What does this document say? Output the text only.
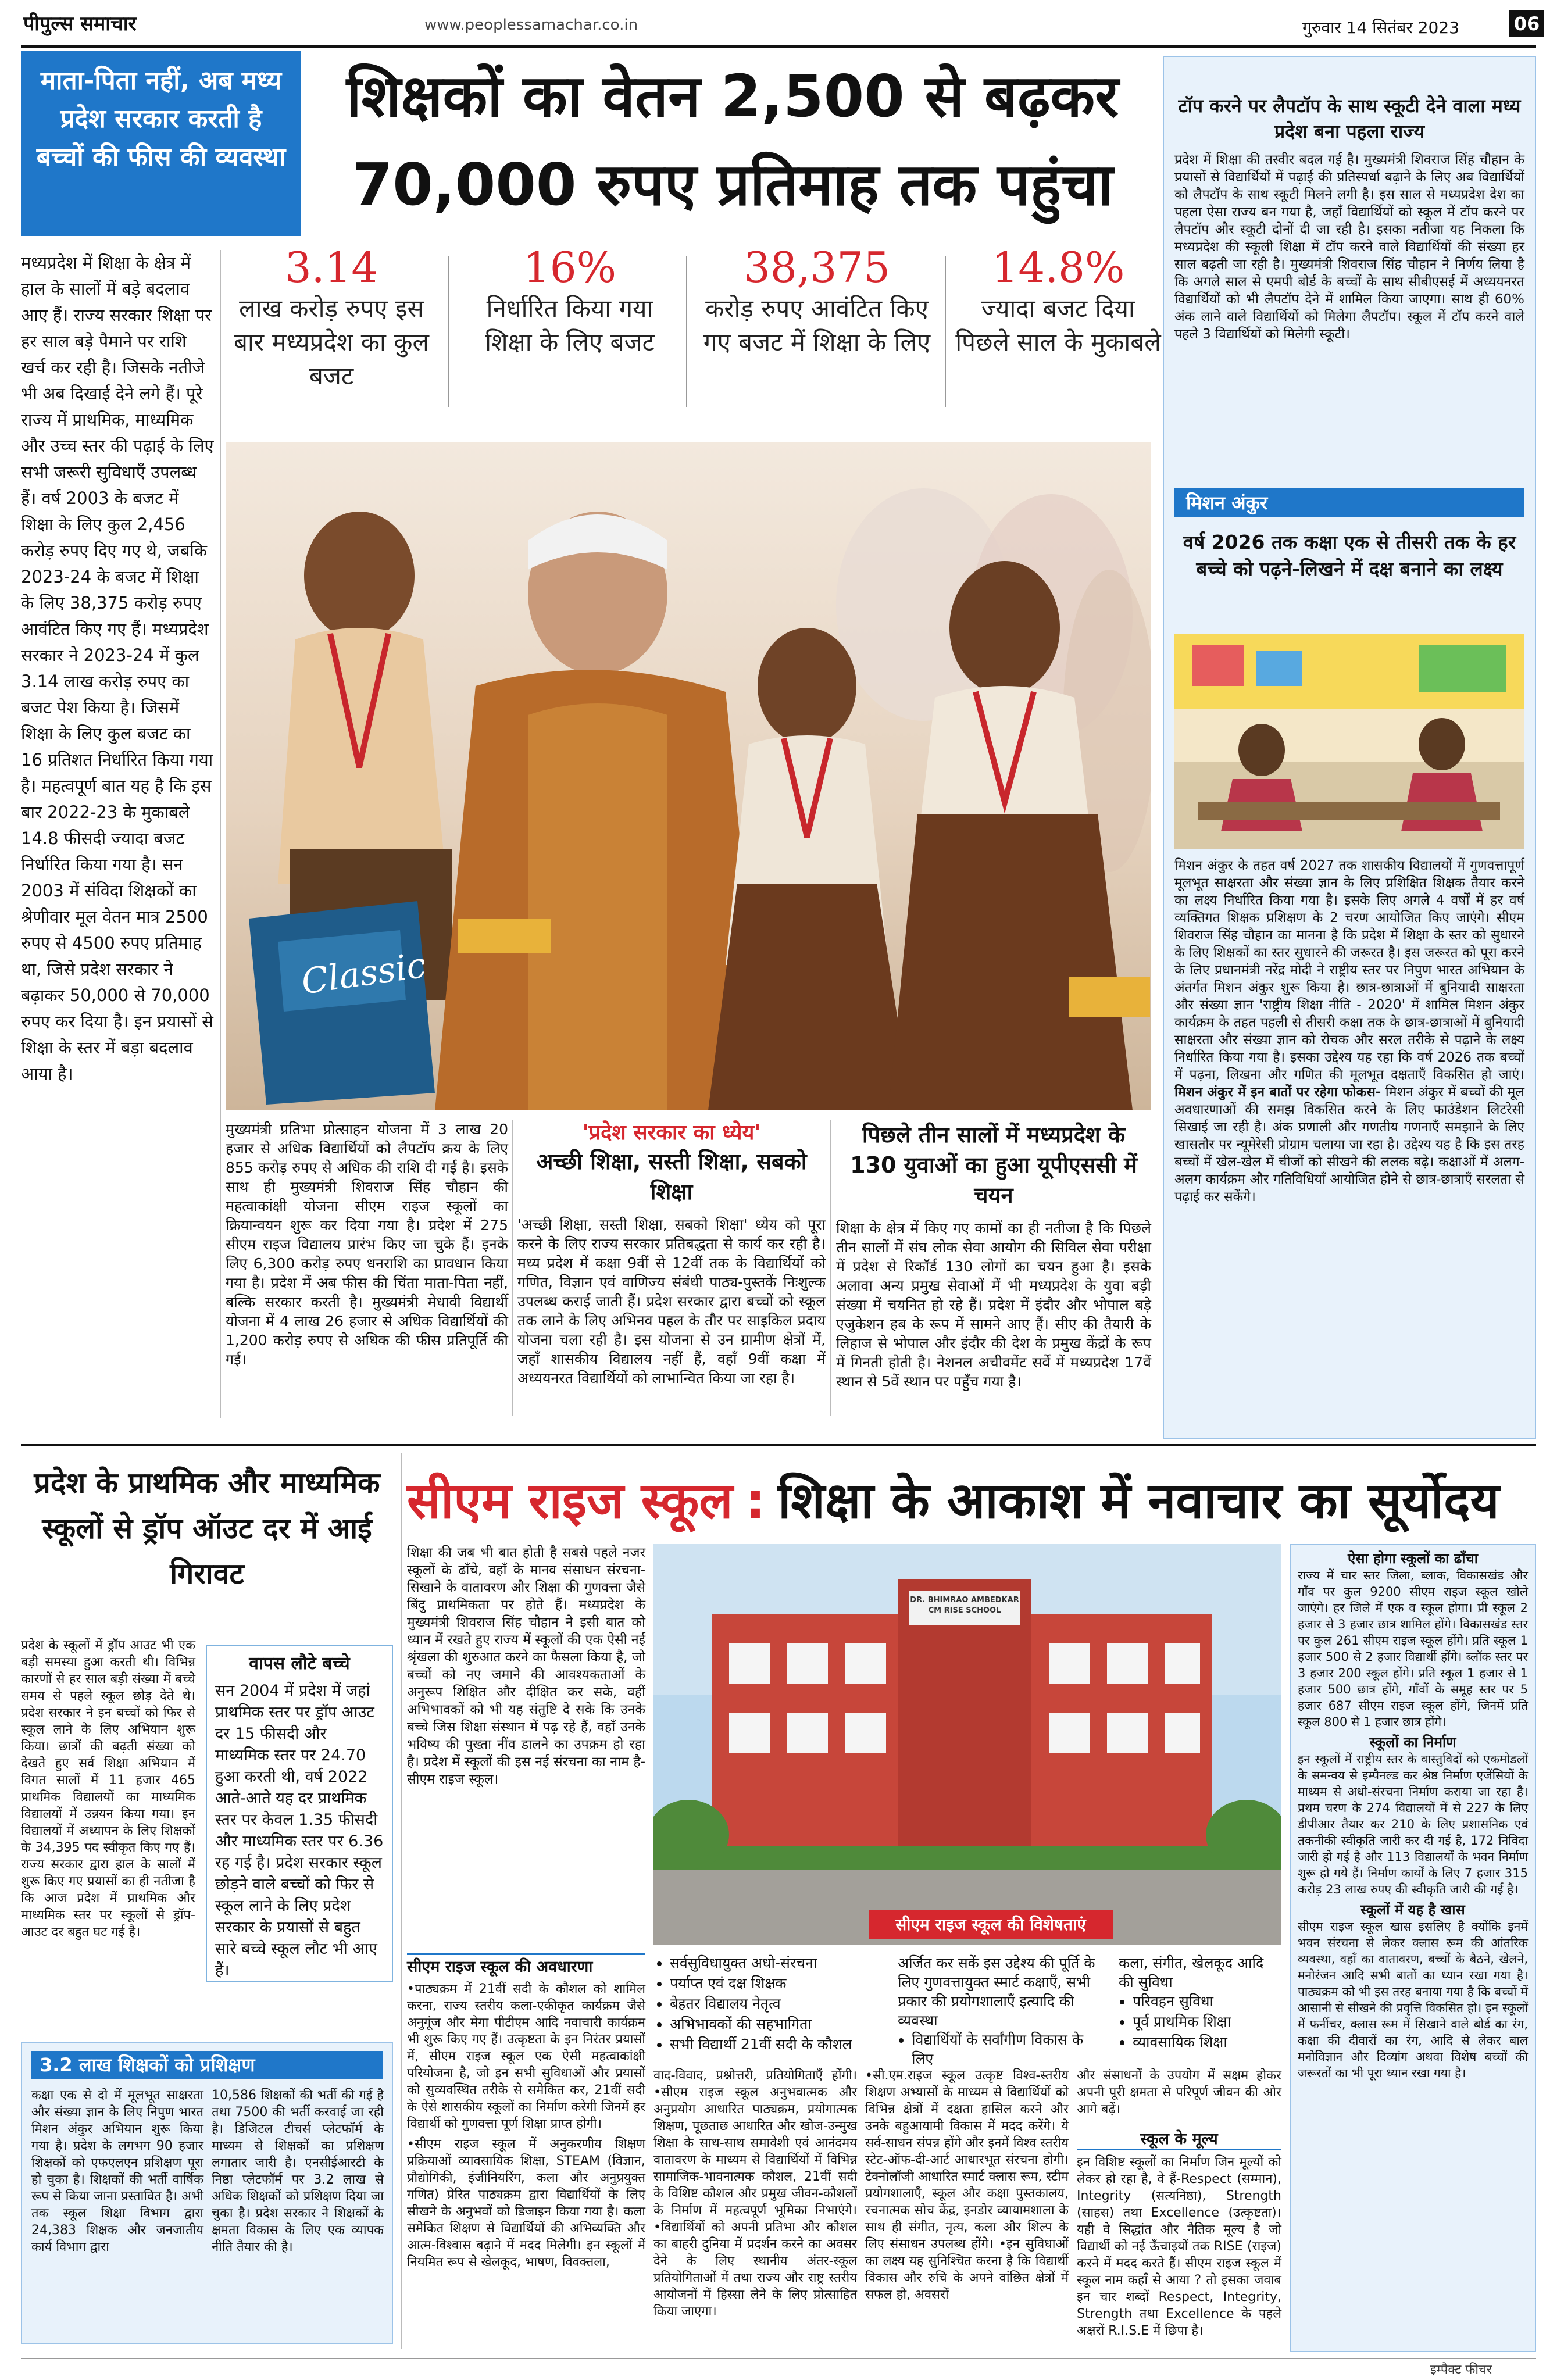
पीपुल्स समाचार	www.peoplessamachar.co.in	गुरुवार 14 सितंबर 2023	06
माता-पिता नहीं, अब मध्य प्रदेश सरकार करती है बच्चों की फीस की व्यवस्था
शिक्षकों का वेतन 2,500 से बढ़कर
70,000 रुपए प्रतिमाह तक पहुंचा
3.14
लाख करोड़ रुपए इस बार मध्यप्रदेश का कुल बजट
16%
निर्धारित किया गया शिक्षा के लिए बजट
38,375
करोड़ रुपए आवंटित किए गए बजट में शिक्षा के लिए
14.8%
ज्यादा बजट दिया पिछले साल के मुकाबले
मध्यप्रदेश में शिक्षा के क्षेत्र में हाल के सालों में बड़े बदलाव आए हैं। राज्य सरकार शिक्षा पर हर साल बड़े पैमाने पर राशि खर्च कर रही है। जिसके नतीजे भी अब दिखाई देने लगे हैं। पूरे राज्य में प्राथमिक, माध्यमिक और उच्च स्तर की पढ़ाई के लिए सभी जरूरी सुविधाएँ उपलब्ध हैं। वर्ष 2003 के बजट में शिक्षा के लिए कुल 2,456 करोड़ रुपए दिए गए थे, जबकि 2023-24 के बजट में शिक्षा के लिए 38,375 करोड़ रुपए आवंटित किए गए हैं। मध्यप्रदेश सरकार ने 2023-24 में कुल 3.14 लाख करोड़ रुपए का बजट पेश किया है। जिसमें शिक्षा के लिए कुल बजट का 16 प्रतिशत निर्धारित किया गया है। महत्वपूर्ण बात यह है कि इस बार 2022-23 के मुकाबले 14.8 फीसदी ज्यादा बजट निर्धारित किया गया है। सन 2003 में संविदा शिक्षकों का श्रेणीवार मूल वेतन मात्र 2500 रुपए से 4500 रुपए प्रतिमाह था, जिसे प्रदेश सरकार ने बढ़ाकर 50,000 से 70,000 रुपए कर दिया है। इन प्रयासों से शिक्षा के स्तर में बड़ा बदलाव आया है।
Classic
मुख्यमंत्री प्रतिभा प्रोत्साहन योजना में 3 लाख 20 हजार से अधिक विद्यार्थियों को लैपटॉप क्रय के लिए 855 करोड़ रुपए से अधिक की राशि दी गई है। इसके साथ ही मुख्यमंत्री शिवराज सिंह चौहान की महत्वाकांक्षी योजना सीएम राइज स्कूलों का क्रियान्वयन शुरू कर दिया गया है। प्रदेश में 275 सीएम राइज विद्यालय प्रारंभ किए जा चुके हैं। इनके लिए 6,300 करोड़ रुपए धनराशि का प्रावधान किया गया है। प्रदेश में अब फीस की चिंता माता-पिता नहीं, बल्कि सरकार करती है। मुख्यमंत्री मेधावी विद्यार्थी योजना में 4 लाख 26 हजार से अधिक विद्यार्थियों की 1,200 करोड़ रुपए से अधिक की फीस प्रतिपूर्ति की गई।
'प्रदेश सरकार का ध्येय'
अच्छी शिक्षा, सस्ती शिक्षा, सबको शिक्षा
'अच्छी शिक्षा, सस्ती शिक्षा, सबको शिक्षा' ध्येय को पूरा करने के लिए राज्य सरकार प्रतिबद्धता से कार्य कर रही है। मध्य प्रदेश में कक्षा 9वीं से 12वीं तक के विद्यार्थियों को गणित, विज्ञान एवं वाणिज्य संबंधी पाठ्य-पुस्तकें निःशुल्क उपलब्ध कराई जाती हैं। प्रदेश सरकार द्वारा बच्चों को स्कूल तक लाने के लिए अभिनव पहल के तौर पर साइकिल प्रदाय योजना चला रही है। इस योजना से उन ग्रामीण क्षेत्रों में, जहाँ शासकीय विद्यालय नहीं हैं, वहाँ 9वीं कक्षा में अध्ययनरत विद्यार्थियों को लाभान्वित किया जा रहा है।
पिछले तीन सालों में मध्यप्रदेश के 130 युवाओं का हुआ यूपीएससी में चयन
शिक्षा के क्षेत्र में किए गए कामों का ही नतीजा है कि पिछले तीन सालों में संघ लोक सेवा आयोग की सिविल सेवा परीक्षा में प्रदेश से रिकॉर्ड 130 लोगों का चयन हुआ है। इसके अलावा अन्य प्रमुख सेवाओं में भी मध्यप्रदेश के युवा बड़ी संख्या में चयनित हो रहे हैं। प्रदेश में इंदौर और भोपाल बड़े एजुकेशन हब के रूप में सामने आए हैं। सीए की तैयारी के लिहाज से भोपाल और इंदौर की देश के प्रमुख केंद्रों के रूप में गिनती होती है। नेशनल अचीवमेंट सर्वे में मध्यप्रदेश 17वें स्थान से 5वें स्थान पर पहुँच गया है।
टॉप करने पर लैपटॉप के साथ स्कूटी देने वाला मध्य प्रदेश बना पहला राज्य
प्रदेश में शिक्षा की तस्वीर बदल गई है। मुख्यमंत्री शिवराज सिंह चौहान के प्रयासों से विद्यार्थियों में पढ़ाई की प्रतिस्पर्धा बढ़ाने के लिए अब विद्यार्थियों को लैपटॉप के साथ स्कूटी मिलने लगी है। इस साल से मध्यप्रदेश देश का पहला ऐसा राज्य बन गया है, जहाँ विद्यार्थियों को स्कूल में टॉप करने पर लैपटॉप और स्कूटी दोनों दी जा रही है। इसका नतीजा यह निकला कि मध्यप्रदेश की स्कूली शिक्षा में टॉप करने वाले विद्यार्थियों की संख्या हर साल बढ़ती जा रही है। मुख्यमंत्री शिवराज सिंह चौहान ने निर्णय लिया है कि अगले साल से एमपी बोर्ड के बच्चों के साथ सीबीएसई में अध्ययनरत विद्यार्थियों को भी लैपटॉप देने में शामिल किया जाएगा। साथ ही 60% अंक लाने वाले विद्यार्थियों को मिलेगा लैपटॉप। स्कूल में टॉप करने वाले पहले 3 विद्यार्थियों को मिलेगी स्कूटी।
मिशन अंकुर
वर्ष 2026 तक कक्षा एक से तीसरी तक के हर बच्चे को पढ़ने-लिखने में दक्ष बनाने का लक्ष्य
मिशन अंकुर के तहत वर्ष 2027 तक शासकीय विद्यालयों में गुणवत्तापूर्ण मूलभूत साक्षरता और संख्या ज्ञान के लिए प्रशिक्षित शिक्षक तैयार करने का लक्ष्य निर्धारित किया गया है। इसके लिए अगले 4 वर्षों में हर वर्ष व्यक्तिगत शिक्षक प्रशिक्षण के 2 चरण आयोजित किए जाएंगे। सीएम शिवराज सिंह चौहान का मानना है कि प्रदेश में शिक्षा के स्तर को सुधारने के लिए शिक्षकों का स्तर सुधारने की जरूरत है। इस जरूरत को पूरा करने के लिए प्रधानमंत्री नरेंद्र मोदी ने राष्ट्रीय स्तर पर निपुण भारत अभियान के अंतर्गत मिशन अंकुर शुरू किया है। छात्र-छात्राओं में बुनियादी साक्षरता और संख्या ज्ञान 'राष्ट्रीय शिक्षा नीति - 2020' में शामिल मिशन अंकुर कार्यक्रम के तहत पहली से तीसरी कक्षा तक के छात्र-छात्राओं में बुनियादी साक्षरता और संख्या ज्ञान को रोचक और सरल तरीके से पढ़ाने के लक्ष्य निर्धारित किया गया है। इसका उद्देश्य यह रहा कि वर्ष 2026 तक बच्चों में पढ़ना, लिखना और गणित की मूलभूत दक्षताएँ विकसित हो जाएं। मिशन अंकुर में इन बातों पर रहेगा फोकस- मिशन अंकुर में बच्चों की मूल अवधारणाओं की समझ विकसित करने के लिए फाउंडेशन लिटरेसी सिखाई जा रही है। अंक प्रणाली और गणतीय गणनाएँ समझाने के लिए खासतौर पर न्यूमेरेसी प्रोग्राम चलाया जा रहा है। उद्देश्य यह है कि इस तरह बच्चों में खेल-खेल में चीजों को सीखने की ललक बढ़े। कक्षाओं में अलग-अलग कार्यक्रम और गतिविधियाँ आयोजित होने से छात्र-छात्राएँ सरलता से पढ़ाई कर सकेंगे।
प्रदेश के प्राथमिक और माध्यमिक स्कूलों से ड्रॉप ऑउट दर में आई गिरावट
प्रदेश के स्कूलों में ड्रॉप आउट भी एक बड़ी समस्या हुआ करती थी। विभिन्न कारणों से हर साल बड़ी संख्या में बच्चे समय से पहले स्कूल छोड़ देते थे। प्रदेश सरकार ने इन बच्चों को फिर से स्कूल लाने के लिए अभियान शुरू किया। छात्रों की बढ़ती संख्या को देखते हुए सर्व शिक्षा अभियान में विगत सालों में 11 हजार 465 प्राथमिक विद्यालयों का माध्यमिक विद्यालयों में उन्नयन किया गया। इन विद्यालयों में अध्यापन के लिए शिक्षकों के 34,395 पद स्वीकृत किए गए हैं। राज्य सरकार द्वारा हाल के सालों में शुरू किए गए प्रयासों का ही नतीजा है कि आज प्रदेश में प्राथमिक और माध्यमिक स्तर पर स्कूलों से ड्रॉप-आउट दर बहुत घट गई है।
वापस लौटे बच्चे
सन 2004 में प्रदेश में जहां प्राथमिक स्तर पर ड्रॉप आउट दर 15 फीसदी और माध्यमिक स्तर पर 24.70 हुआ करती थी, वर्ष 2022 आते-आते यह दर प्राथमिक स्तर पर केवल 1.35 फीसदी और माध्यमिक स्तर पर 6.36 रह गई है। प्रदेश सरकार स्कूल छोड़ने वाले बच्चों को फिर से स्कूल लाने के लिए प्रदेश सरकार के प्रयासों से बहुत सारे बच्चे स्कूल लौट भी आए हैं।
3.2 लाख शिक्षकों को प्रशिक्षण
कक्षा एक से दो में मूलभूत साक्षरता और संख्या ज्ञान के लिए निपुण भारत मिशन अंकुर अभियान शुरू किया गया है। प्रदेश के लगभग 90 हजार शिक्षकों को एफएलएन प्रशिक्षण पूरा हो चुका है। शिक्षकों की भर्ती वार्षिक रूप से किया जाना प्रस्तावित है। अभी तक स्कूल शिक्षा विभाग द्वारा 24,383 शिक्षक और जनजातीय कार्य विभाग द्वारा
10,586 शिक्षकों की भर्ती की गई है तथा 7500 की भर्ती करवाई जा रही है। डिजिटल टीचर्स प्लेटफॉर्म के माध्यम से शिक्षकों का प्रशिक्षण लगातार जारी है। एनसीईआरटी के निष्ठा प्लेटफॉर्म पर 3.2 लाख से अधिक शिक्षकों को प्रशिक्षण दिया जा चुका है। प्रदेश सरकार ने शिक्षकों के क्षमता विकास के लिए एक व्यापक नीति तैयार की है।
सीएम राइज स्कूल : शिक्षा के आकाश में नवाचार का सूर्योदय
शिक्षा की जब भी बात होती है सबसे पहले नजर स्कूलों के ढाँचे, वहाँ के मानव संसाधन संरचना-सिखाने के वातावरण और शिक्षा की गुणवत्ता जैसे बिंदु प्राथमिकता पर होते हैं। मध्यप्रदेश के मुख्यमंत्री शिवराज सिंह चौहान ने इसी बात को ध्यान में रखते हुए राज्य में स्कूलों की एक ऐसी नई श्रृंखला की शुरुआत करने का फैसला किया है, जो बच्चों को नए जमाने की आवश्यकताओं के अनुरूप शिक्षित और दीक्षित कर सके, वहीं अभिभावकों को भी यह संतुष्टि दे सके कि उनके बच्चे जिस शिक्षा संस्थान में पढ़ रहे हैं, वहाँ उनके भविष्य की पुख्ता नींव डालने का उपक्रम हो रहा है। प्रदेश में स्कूलों की इस नई संरचना का नाम है- सीएम राइज स्कूल।
DR. BHIMRAO AMBEDKAR CM RISE SCHOOL
सीएम राइज स्कूल की विशेषताएं
• सर्वसुविधायुक्त अधो-संरचना
• पर्याप्त एवं दक्ष शिक्षक
• बेहतर विद्यालय नेतृत्व
• अभिभावकों की सहभागिता
• सभी विद्यार्थी 21वीं सदी के कौशल
अर्जित कर सकें इस उद्देश्य की पूर्ति के लिए गुणवत्तायुक्त स्मार्ट कक्षाएँ, सभी प्रकार की प्रयोगशालाएँ इत्यादि की व्यवस्था
• विद्यार्थियों के सर्वांगीण विकास के लिए
कला, संगीत, खेलकूद आदि की सुविधा
• परिवहन सुविधा
• पूर्व प्राथमिक शिक्षा
• व्यावसायिक शिक्षा
सीएम राइज स्कूल की अवधारणा
•पाठ्यक्रम में 21वीं सदी के कौशल को शामिल करना, राज्य स्तरीय कला-एकीकृत कार्यक्रम जैसे अनुगूंज और मेगा पीटीएम आदि नवाचारी कार्यक्रम भी शुरू किए गए हैं। उत्कृष्टता के इन निरंतर प्रयासों में, सीएम राइज स्कूल एक ऐसी महत्वाकांक्षी परियोजना है, जो इन सभी सुविधाओं और प्रयासों को सुव्यवस्थित तरीके से समेकित कर, 21वीं सदी के ऐसे शासकीय स्कूलों का निर्माण करेगी जिनमें हर विद्यार्थी को गुणवत्ता पूर्ण शिक्षा प्राप्त होगी।
•सीएम राइज स्कूल में अनुकरणीय शिक्षण प्रक्रियाओं व्यावसायिक शिक्षा, STEAM (विज्ञान, प्रौद्योगिकी, इंजीनियरिंग, कला और अनुप्रयुक्त गणित) प्रेरित पाठ्यक्रम द्वारा विद्यार्थियों के लिए सीखने के अनुभवों को डिजाइन किया गया है। कला समेकित शिक्षण से विद्यार्थियों की अभिव्यक्ति और आत्म-विश्वास बढ़ाने में मदद मिलेगी। इन स्कूलों में नियमित रूप से खेलकूद, भाषण, विवक्तला,
वाद-विवाद, प्रश्नोत्तरी, प्रतियोगिताएँ होंगी। •सीएम राइज स्कूल अनुभवात्मक और अनुप्रयोग आधारित पाठ्यक्रम, प्रयोगात्मक शिक्षण, पूछताछ आधारित और खोज-उन्मुख शिक्षा के साथ-साथ समावेशी एवं आनंदमय वातावरण के माध्यम से विद्यार्थियों में विभिन्न सामाजिक-भावनात्मक कौशल, 21वीं सदी के विशिष्ट कौशल और प्रमुख जीवन-कौशलों के निर्माण में महत्वपूर्ण भूमिका निभाएंगे। •विद्यार्थियों को अपनी प्रतिभा और कौशल का बाहरी दुनिया में प्रदर्शन करने का अवसर देने के लिए स्थानीय अंतर-स्कूल प्रतियोगिताओं में तथा राज्य और राष्ट्र स्तरीय आयोजनों में हिस्सा लेने के लिए प्रोत्साहित किया जाएगा।
•सी.एम.राइज स्कूल उत्कृष्ट विश्व-स्तरीय शिक्षण अभ्यासों के माध्यम से विद्यार्थियों को विभिन्न क्षेत्रों में दक्षता हासिल करने और उनके बहुआयामी विकास में मदद करेंगे। ये सर्व-साधन संपन्न होंगे और इनमें विश्व स्तरीय स्टेट-ऑफ-दी-आर्ट आधारभूत संरचना होगी। टेक्नोलॉजी आधारित स्मार्ट क्लास रूम, स्टीम प्रयोगशालाएँ, स्कूल और कक्षा पुस्तकालय, रचनात्मक सोच केंद्र, इनडोर व्यायामशाला के साथ ही संगीत, नृत्य, कला और शिल्प के लिए संसाधन उपलब्ध होंगे। •इन सुविधाओं का लक्ष्य यह सुनिश्चित करना है कि विद्यार्थी विकास और रुचि के अपने वांछित क्षेत्रों में सफल हो, अवसरों
और संसाधनों के उपयोग में सक्षम होकर अपनी पूरी क्षमता से परिपूर्ण जीवन की ओर आगे बढ़ें।
स्कूल के मूल्य
इन विशिष्ट स्कूलों का निर्माण जिन मूल्यों को लेकर हो रहा है, वे हैं-Respect (सम्मान), Integrity (सत्यनिष्ठा), Strength (साहस) तथा Excellence (उत्कृष्टता)। यही वे सिद्धांत और नैतिक मूल्य है जो विद्यार्थी को नई ऊँचाइयों तक RISE (राइज) करने में मदद करते हैं। सीएम राइज स्कूल में स्कूल नाम कहाँ से आया ? तो इसका जवाब इन चार शब्दों Respect, Integrity, Strength तथा Excellence के पहले अक्षरों R.I.S.E में छिपा है।
ऐसा होगा स्कूलों का ढाँचा
राज्य में चार स्तर जिला, ब्लाक, विकासखंड और गाँव पर कुल 9200 सीएम राइज स्कूल खोले जाएंगे। हर जिले में एक व स्कूल होगा। प्री स्कूल 2 हजार से 3 हजार छात्र शामिल होंगे। विकासखंड स्तर पर कुल 261 सीएम राइज स्कूल होंगे। प्रति स्कूल 1 हजार 500 से 2 हजार विद्यार्थी होंगे। ब्लॉक स्तर पर 3 हजार 200 स्कूल होंगे। प्रति स्कूल 1 हजार से 1 हजार 500 छात्र होंगे, गाँवों के समूह स्तर पर 5 हजार 687 सीएम राइज स्कूल होंगे, जिनमें प्रति स्कूल 800 से 1 हजार छात्र होंगे।
स्कूलों का निर्माण
इन स्कूलों में राष्ट्रीय स्तर के वास्तुविदों को एकमोडलों के समन्वय से इम्पैनल्ड कर श्रेष्ठ निर्माण एजेंसियों के माध्यम से अधो-संरचना निर्माण कराया जा रहा है। प्रथम चरण के 274 विद्यालयों में से 227 के लिए डीपीआर तैयार कर 210 के लिए प्रशासनिक एवं तकनीकी स्वीकृति जारी कर दी गई है, 172 निविदा जारी हो गई है और 113 विद्यालयों के भवन निर्माण शुरू हो गये हैं। निर्माण कार्यों के लिए 7 हजार 315 करोड़ 23 लाख रुपए की स्वीकृति जारी की गई है।
स्कूलों में यह है खास
सीएम राइज स्कूल खास इसलिए है क्योंकि इनमें भवन संरचना से लेकर क्लास रूम की आंतरिक व्यवस्था, वहाँ का वातावरण, बच्चों के बैठने, खेलने, मनोरंजन आदि सभी बातों का ध्यान रखा गया है। पाठ्यक्रम को भी इस तरह बनाया गया है कि बच्चों में आसानी से सीखने की प्रवृत्ति विकसित हो। इन स्कूलों में फर्नीचर, क्लास रूम में सिखाने वाले बोर्ड का रंग, कक्षा की दीवारों का रंग, आदि से लेकर बाल मनोविज्ञान और दिव्यांग अथवा विशेष बच्चों की जरूरतों का भी पूरा ध्यान रखा गया है।
इम्पैक्ट फीचर
